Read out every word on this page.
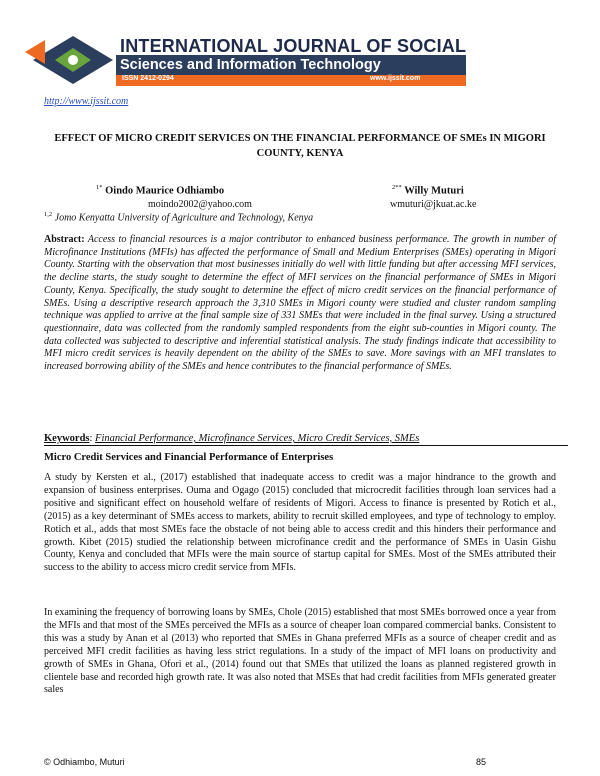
INTERNATIONAL JOURNAL OF SOCIAL
Sciences and Information Technology
ISSN 2412-0294	www.ijssit.com
http://www.ijssit.com
EFFECT OF MICRO CREDIT SERVICES ON THE FINANCIAL PERFORMANCE OF SMEs IN MIGORI COUNTY, KENYA
$^{1*}$ Oindo Maurice Odhiambo
moindo2002@yahoo.com
$^{1,2}$ Jomo Kenyatta University of Agriculture and Technology, Kenya
$^{2**}$ Willy Muturi
wmuturi@jkuat.ac.ke
Abstract: Access to financial resources is a major contributor to enhanced business performance. The growth in number of Microfinance Institutions (MFIs) has affected the performance of Small and Medium Enterprises (SMEs) operating in Migori County. Starting with the observation that most businesses initially do well with little funding but after accessing MFI services, the decline starts, the study sought to determine the effect of MFI services on the financial performance of SMEs in Migori County, Kenya. Specifically, the study sought to determine the effect of micro credit services on the financial performance of SMEs. Using a descriptive research approach the 3,310 SMEs in Migori county were studied and cluster random sampling technique was applied to arrive at the final sample size of 331 SMEs that were included in the final survey. Using a structured questionnaire, data was collected from the randomly sampled respondents from the eight sub-counties in Migori county. The data collected was subjected to descriptive and inferential statistical analysis. The study findings indicate that accessibility to MFI micro credit services is heavily dependent on the ability of the SMEs to save. More savings with an MFI translates to increased borrowing ability of the SMEs and hence contributes to the financial performance of SMEs.
Keywords: Financial Performance, Microfinance Services, Micro Credit Services, SMEs
Micro Credit Services and Financial Performance of Enterprises
A study by Kersten et al., (2017) established that inadequate access to credit was a major hindrance to the growth and expansion of business enterprises. Ouma and Ogago (2015) concluded that microcredit facilities through loan services had a positive and significant effect on household welfare of residents of Migori. Access to finance is presented by Rotich et al., (2015) as a key determinant of SMEs access to markets, ability to recruit skilled employees, and type of technology to employ. Rotich et al., adds that most SMEs face the obstacle of not being able to access credit and this hinders their performance and growth. Kibet (2015) studied the relationship between microfinance credit and the performance of SMEs in Uasin Gishu County, Kenya and concluded that MFIs were the main source of startup capital for SMEs. Most of the SMEs attributed their success to the ability to access micro credit service from MFIs.
In examining the frequency of borrowing loans by SMEs, Chole (2015) established that most SMEs borrowed once a year from the MFIs and that most of the SMEs perceived the MFIs as a source of cheaper loan compared commercial banks. Consistent to this was a study by Anan et al (2013) who reported that SMEs in Ghana preferred MFIs as a source of cheaper credit and as perceived MFI credit facilities as having less strict regulations. In a study of the impact of MFI loans on productivity and growth of SMEs in Ghana, Ofori et al., (2014) found out that SMEs that utilized the loans as planned registered growth in clientele base and recorded high growth rate. It was also noted that MSEs that had credit facilities from MFIs generated greater sales
© Odhiambo, Muturi	85
